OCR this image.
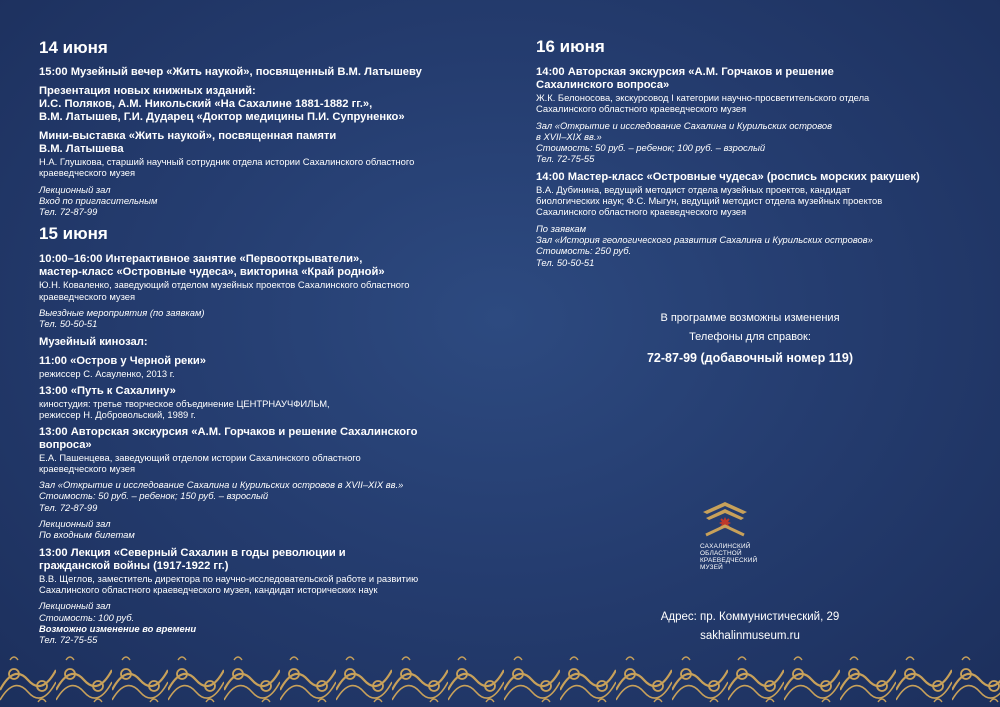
14 июня
15:00 Музейный вечер «Жить наукой», посвященный В.М. Латышеву
Презентация новых книжных изданий:
И.С. Поляков, А.М. Никольский «На Сахалине 1881-1882 гг.»,
В.М. Латышев, Г.И. Дударец «Доктор медицины П.И. Супруненко»
Мини-выставка «Жить наукой», посвященная памяти
В.М. Латышева
Н.А. Глушкова, старший научный сотрудник отдела истории Сахалинского областного
краеведческого музея
Лекционный зал
Вход по пригласительным
Тел. 72-87-99
15 июня
10:00–16:00 Интерактивное занятие «Первооткрыватели»,
мастер-класс «Островные чудеса», викторина «Край родной»
Ю.Н. Коваленко, заведующий отделом музейных проектов Сахалинского областного
краеведческого музея
Выездные мероприятия (по заявкам)
Тел. 50-50-51
Музейный кинозал:
11:00 «Остров у Черной реки»
режиссер С. Асауленко, 2013 г.
13:00 «Путь к Сахалину»
киностудия: третье творческое объединение ЦЕНТРНАУЧФИЛЬМ,
режиссер Н. Добровольский, 1989 г.
13:00 Авторская экскурсия «А.М. Горчаков и решение Сахалинского
вопроса»
Е.А. Пашенцева, заведующий отделом истории Сахалинского областного
краеведческого музея
Зал «Открытие и исследование Сахалина и Курильских островов в XVII–XIX вв.»
Стоимость: 50 руб. – ребенок; 150 руб. – взрослый
Тел. 72-87-99
Лекционный зал
По входным билетам
13:00 Лекция «Северный Сахалин в годы революции и
гражданской войны (1917-1922 гг.)
В.В. Щеглов, заместитель директора по научно-исследовательской работе и развитию
Сахалинского областного краеведческого музея, кандидат исторических наук
Лекционный зал
Стоимость: 100 руб.
Возможно изменение во времени
Тел. 72-75-55
16 июня
14:00 Авторская экскурсия «А.М. Горчаков и решение
Сахалинского вопроса»
Ж.К. Белоносова, экскурсовод I категории научно-просветительского отдела
Сахалинского областного краеведческого музея
Зал «Открытие и исследование Сахалина и Курильских островов
в XVII–XIX вв.»
Стоимость: 50 руб. – ребенок; 100 руб. – взрослый
Тел. 72-75-55
14:00 Мастер-класс «Островные чудеса» (роспись морских ракушек)
В.А. Дубинина, ведущий методист отдела музейных проектов, кандидат
биологических наук; Ф.С. Мыгун, ведущий методист отдела музейных проектов
Сахалинского областного краеведческого музея
По заявкам
Зал «История геологического развития Сахалина и Курильских островов»
Стоимость: 250 руб.
Тел. 50-50-51
В программе возможны изменения
Телефоны для справок:
72-87-99 (добавочный номер 119)
САХАЛИНСКИЙ
ОБЛАСТНОЙ
КРАЕВЕДЧЕСКИЙ
МУЗЕЙ
Адрес: пр. Коммунистический, 29
sakhalinmuseum.ru
